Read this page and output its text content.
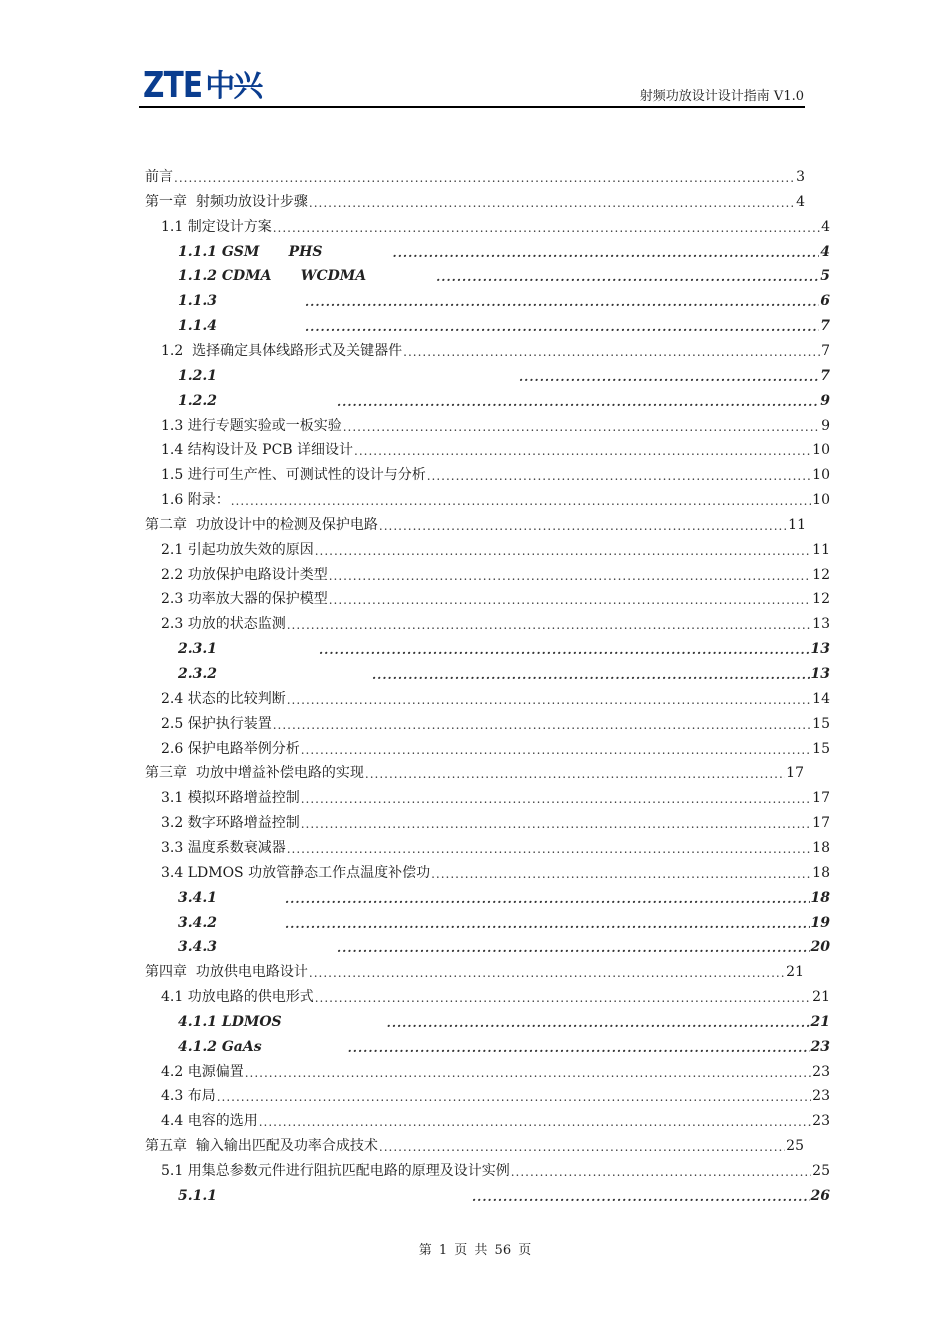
ZTE 中兴	射频功放设计设计指南 V1.0
前言 .....	3
第一章  射频功放设计步骤 .....	4
1.1 制定设计方案 .....	4
1.1.1 GSM      PHS .....	4
1.1.2 CDMA      WCDMA .....	5
1.1.3 .....	6
1.1.4 .....	7
1.2  选择确定具体线路形式及关键器件 .....	7
1.2.1 .....	7
1.2.2 .....	9
1.3 进行专题实验或一板实验 .....	9
1.4 结构设计及 PCB 详细设计 .....	10
1.5 进行可生产性、可测试性的设计与分析 .....	10
1.6 附录： .....	10
第二章  功放设计中的检测及保护电路 .....	11
2.1 引起功放失效的原因 .....	11
2.2 功放保护电路设计类型 .....	12
2.3 功率放大器的保护模型 .....	12
2.3 功放的状态监测 .....	13
2.3.1 .....	13
2.3.2 .....	13
2.4 状态的比较判断 .....	14
2.5 保护执行装置 .....	15
2.6 保护电路举例分析 .....	15
第三章  功放中增益补偿电路的实现 .....	17
3.1 模拟环路增益控制 .....	17
3.2 数字环路增益控制 .....	17
3.3 温度系数衰减器 .....	18
3.4 LDMOS 功放管静态工作点温度补偿功 .....	18
3.4.1 .....	18
3.4.2 .....	19
3.4.3 .....	20
第四章  功放供电电路设计 .....	21
4.1 功放电路的供电形式 .....	21
4.1.1 LDMOS .....	21
4.1.2 GaAs .....	23
4.2 电源偏置 .....	23
4.3 布局 .....	23
4.4 电容的选用 .....	23
第五章  输入输出匹配及功率合成技术 .....	25
5.1 用集总参数元件进行阻抗匹配电路的原理及设计实例 .....	25
5.1.1 .....	26
第 1 页 共 56 页
